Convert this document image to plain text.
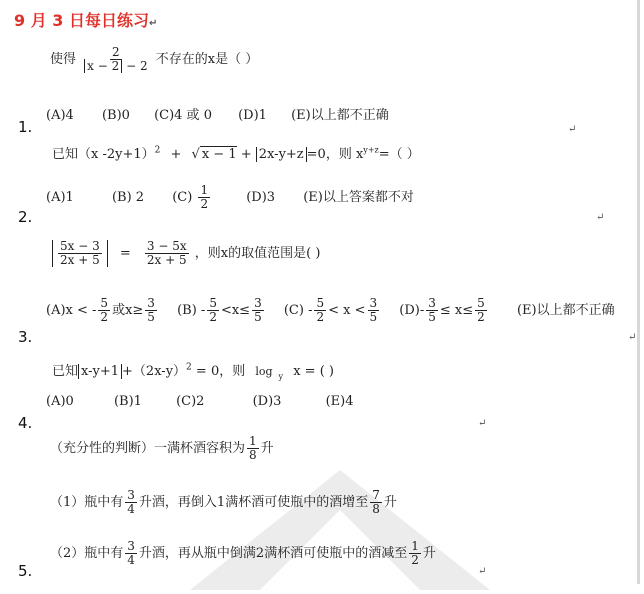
9 月 3 日每日练习↵
使得 $\frac{2}{x - 2 - 2}$ 不存在的x是（ ）
(A)4 (B)0 (C)4 或 0 (D)1 (E)以上都不正确
1.	↵
已知（x -2y+1）$^2$ + √ x − 1 + 2x-y+z =0，则 $x^{y+z}=$（ ）
(A)1	(B) 2 $(C) \frac{1}{2}$	(D)3 (E)以上答案都不对
2.	↵
$\frac{5x - 3}{2x + 5} = \frac{3 - 5x}{2x + 5}$ ，则x的取值范围是( )
(A)x < - $\frac{5}{2}$ 或$x\ge \frac{3}{5} (B) - \frac{5}{2} <x\le \frac{3}{5} (C) - \frac{5}{2} < x < \frac{3}{5} (D)- \frac{3}{5} \le x\le \frac{5}{2} (E)$以上都不正确
3.	↵
已知 $x-y+1 +(2x-y)^2 = 0$，则 log $_y$ x = ( )
(A)0	(B)1	(C)2	(D)3	(E)4
4.	↵
（充分性的判断）一满杯酒容积为 $\frac{1}{8}$ 升
（1）瓶中有 $\frac{3}{4}$ 升酒，再倒入1满杯酒可使瓶中的酒增至 $\frac{7}{8}$ 升
（2）瓶中有 $\frac{3}{4}$ 升酒，再从瓶中倒满2满杯酒可使瓶中的酒减至 $\frac{1}{2}$ 升
5.	↵
